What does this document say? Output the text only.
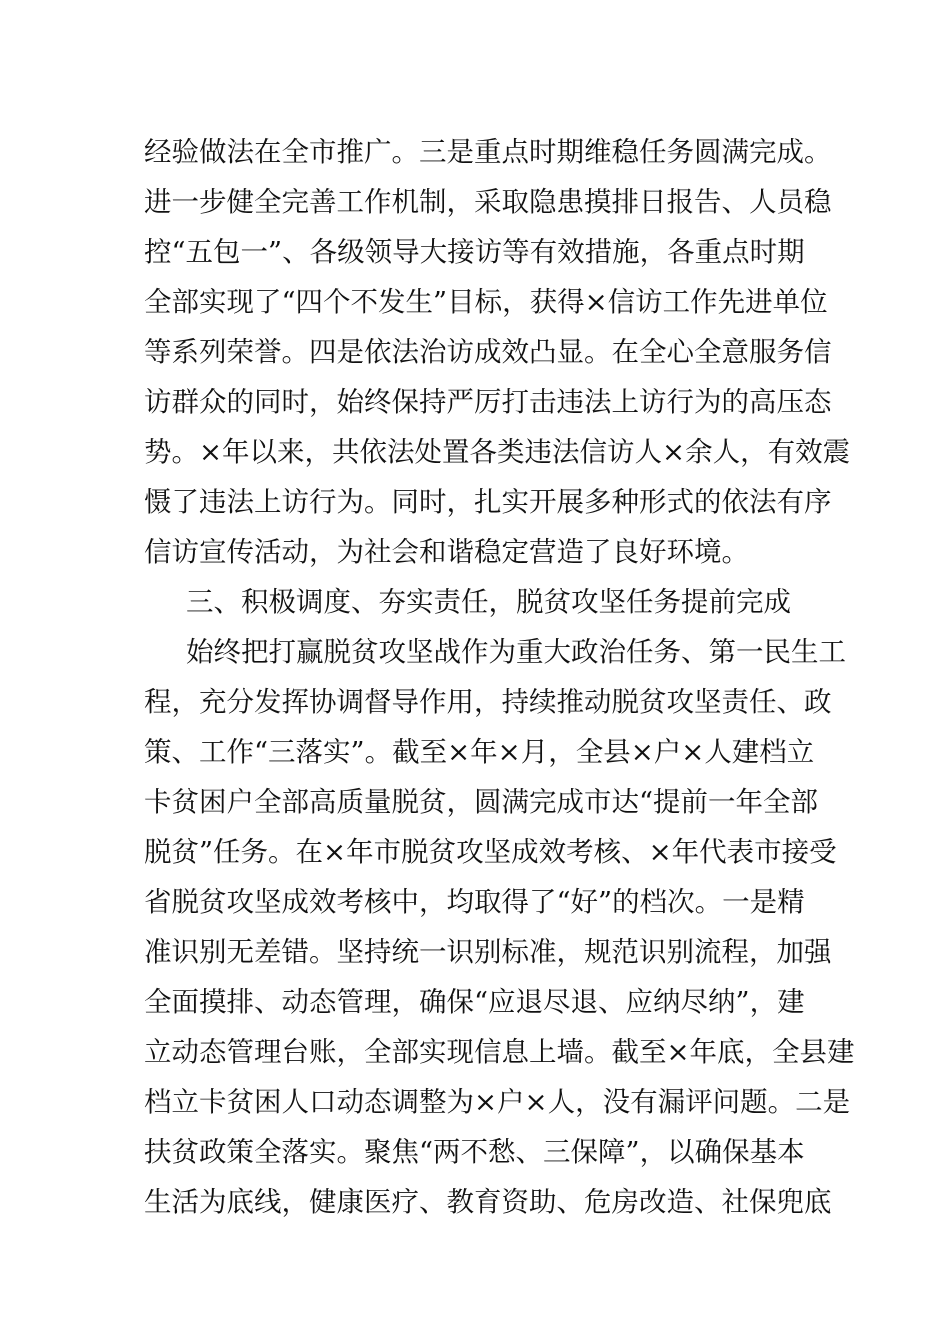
经验做法在全市推广。三是重点时期维稳任务圆满完成。
进一步健全完善工作机制，采取隐患摸排日报告、人员稳
控“五包一”、各级领导大接访等有效措施，各重点时期
全部实现了“四个不发生”目标，获得×信访工作先进单位
等系列荣誉。四是依法治访成效凸显。在全心全意服务信
访群众的同时，始终保持严厉打击违法上访行为的高压态
势。×年以来，共依法处置各类违法信访人×余人，有效震
慑了违法上访行为。同时，扎实开展多种形式的依法有序
信访宣传活动，为社会和谐稳定营造了良好环境。
三、积极调度、夯实责任，脱贫攻坚任务提前完成
始终把打赢脱贫攻坚战作为重大政治任务、第一民生工
程，充分发挥协调督导作用，持续推动脱贫攻坚责任、政
策、工作“三落实”。截至×年×月，全县×户×人建档立
卡贫困户全部高质量脱贫，圆满完成市达“提前一年全部
脱贫”任务。在×年市脱贫攻坚成效考核、×年代表市接受
省脱贫攻坚成效考核中，均取得了“好”的档次。一是精
准识别无差错。坚持统一识别标准，规范识别流程，加强
全面摸排、动态管理，确保“应退尽退、应纳尽纳”，建
立动态管理台账，全部实现信息上墙。截至×年底，全县建
档立卡贫困人口动态调整为×户×人，没有漏评问题。二是
扶贫政策全落实。聚焦“两不愁、三保障”，以确保基本
生活为底线，健康医疗、教育资助、危房改造、社保兜底
